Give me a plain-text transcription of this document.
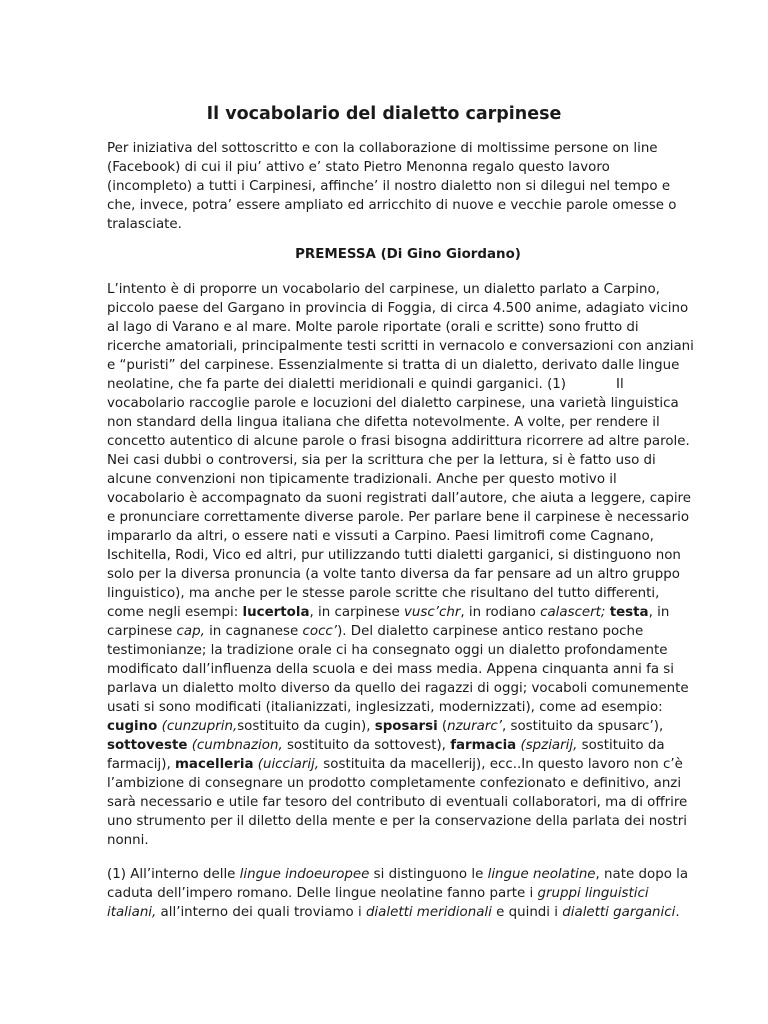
Il vocabolario del dialetto carpinese
Per iniziativa del sottoscritto e con la collaborazione di moltissime persone on line
(Facebook) di cui il piu’ attivo e’ stato Pietro Menonna regalo questo lavoro
(incompleto) a tutti i Carpinesi, affinche’ il nostro dialetto non si dilegui nel tempo e
che, invece, potra’ essere ampliato ed arricchito di nuove e vecchie parole omesse o
tralasciate.
PREMESSA (Di Gino Giordano)
L’intento è di proporre un vocabolario del carpinese, un dialetto parlato a Carpino,
piccolo paese del Gargano in provincia di Foggia, di circa 4.500 anime, adagiato vicino
al lago di Varano e al mare. Molte parole riportate (orali e scritte) sono frutto di
ricerche amatoriali, principalmente testi scritti in vernacolo e conversazioni con anziani
e “puristi” del carpinese. Essenzialmente si tratta di un dialetto, derivato dalle lingue
neolatine, che fa parte dei dialetti meridionali e quindi garganici. (1)	Il
vocabolario raccoglie parole e locuzioni del dialetto carpinese, una varietà linguistica
non standard della lingua italiana che difetta notevolmente. A volte, per rendere il
concetto autentico di alcune parole o frasi bisogna addirittura ricorrere ad altre parole.
Nei casi dubbi o controversi, sia per la scrittura che per la lettura, si è fatto uso di
alcune convenzioni non tipicamente tradizionali. Anche per questo motivo il
vocabolario è accompagnato da suoni registrati dall’autore, che aiuta a leggere, capire
e pronunciare correttamente diverse parole. Per parlare bene il carpinese è necessario
impararlo da altri, o essere nati e vissuti a Carpino. Paesi limitrofi come Cagnano,
Ischitella, Rodi, Vico ed altri, pur utilizzando tutti dialetti garganici, si distinguono non
solo per la diversa pronuncia (a volte tanto diversa da far pensare ad un altro gruppo
linguistico), ma anche per le stesse parole scritte che risultano del tutto differenti,
come negli esempi: lucertola, in carpinese vusc’chr, in rodiano calascert; testa, in
carpinese cap, in cagnanese cocc’). Del dialetto carpinese antico restano poche
testimonianze; la tradizione orale ci ha consegnato oggi un dialetto profondamente
modificato dall’influenza della scuola e dei mass media. Appena cinquanta anni fa si
parlava un dialetto molto diverso da quello dei ragazzi di oggi; vocaboli comunemente
usati si sono modificati (italianizzati, inglesizzati, modernizzati), come ad esempio:
cugino (cunzuprin,sostituito da cugin), sposarsi (nzurarc’, sostituito da spusarc’),
sottoveste (cumbnazion, sostituito da sottovest), farmacia (spziarij, sostituito da
farmacij), macelleria (uicciarij, sostituita da macellerij), ecc..In questo lavoro non c’è
l’ambizione di consegnare un prodotto completamente confezionato e definitivo, anzi
sarà necessario e utile far tesoro del contributo di eventuali collaboratori, ma di offrire
uno strumento per il diletto della mente e per la conservazione della parlata dei nostri
nonni.
(1) All’interno delle lingue indoeuropee si distinguono le lingue neolatine, nate dopo la
caduta dell’impero romano. Delle lingue neolatine fanno parte i gruppi linguistici
italiani, all’interno dei quali troviamo i dialetti meridionali e quindi i dialetti garganici.
